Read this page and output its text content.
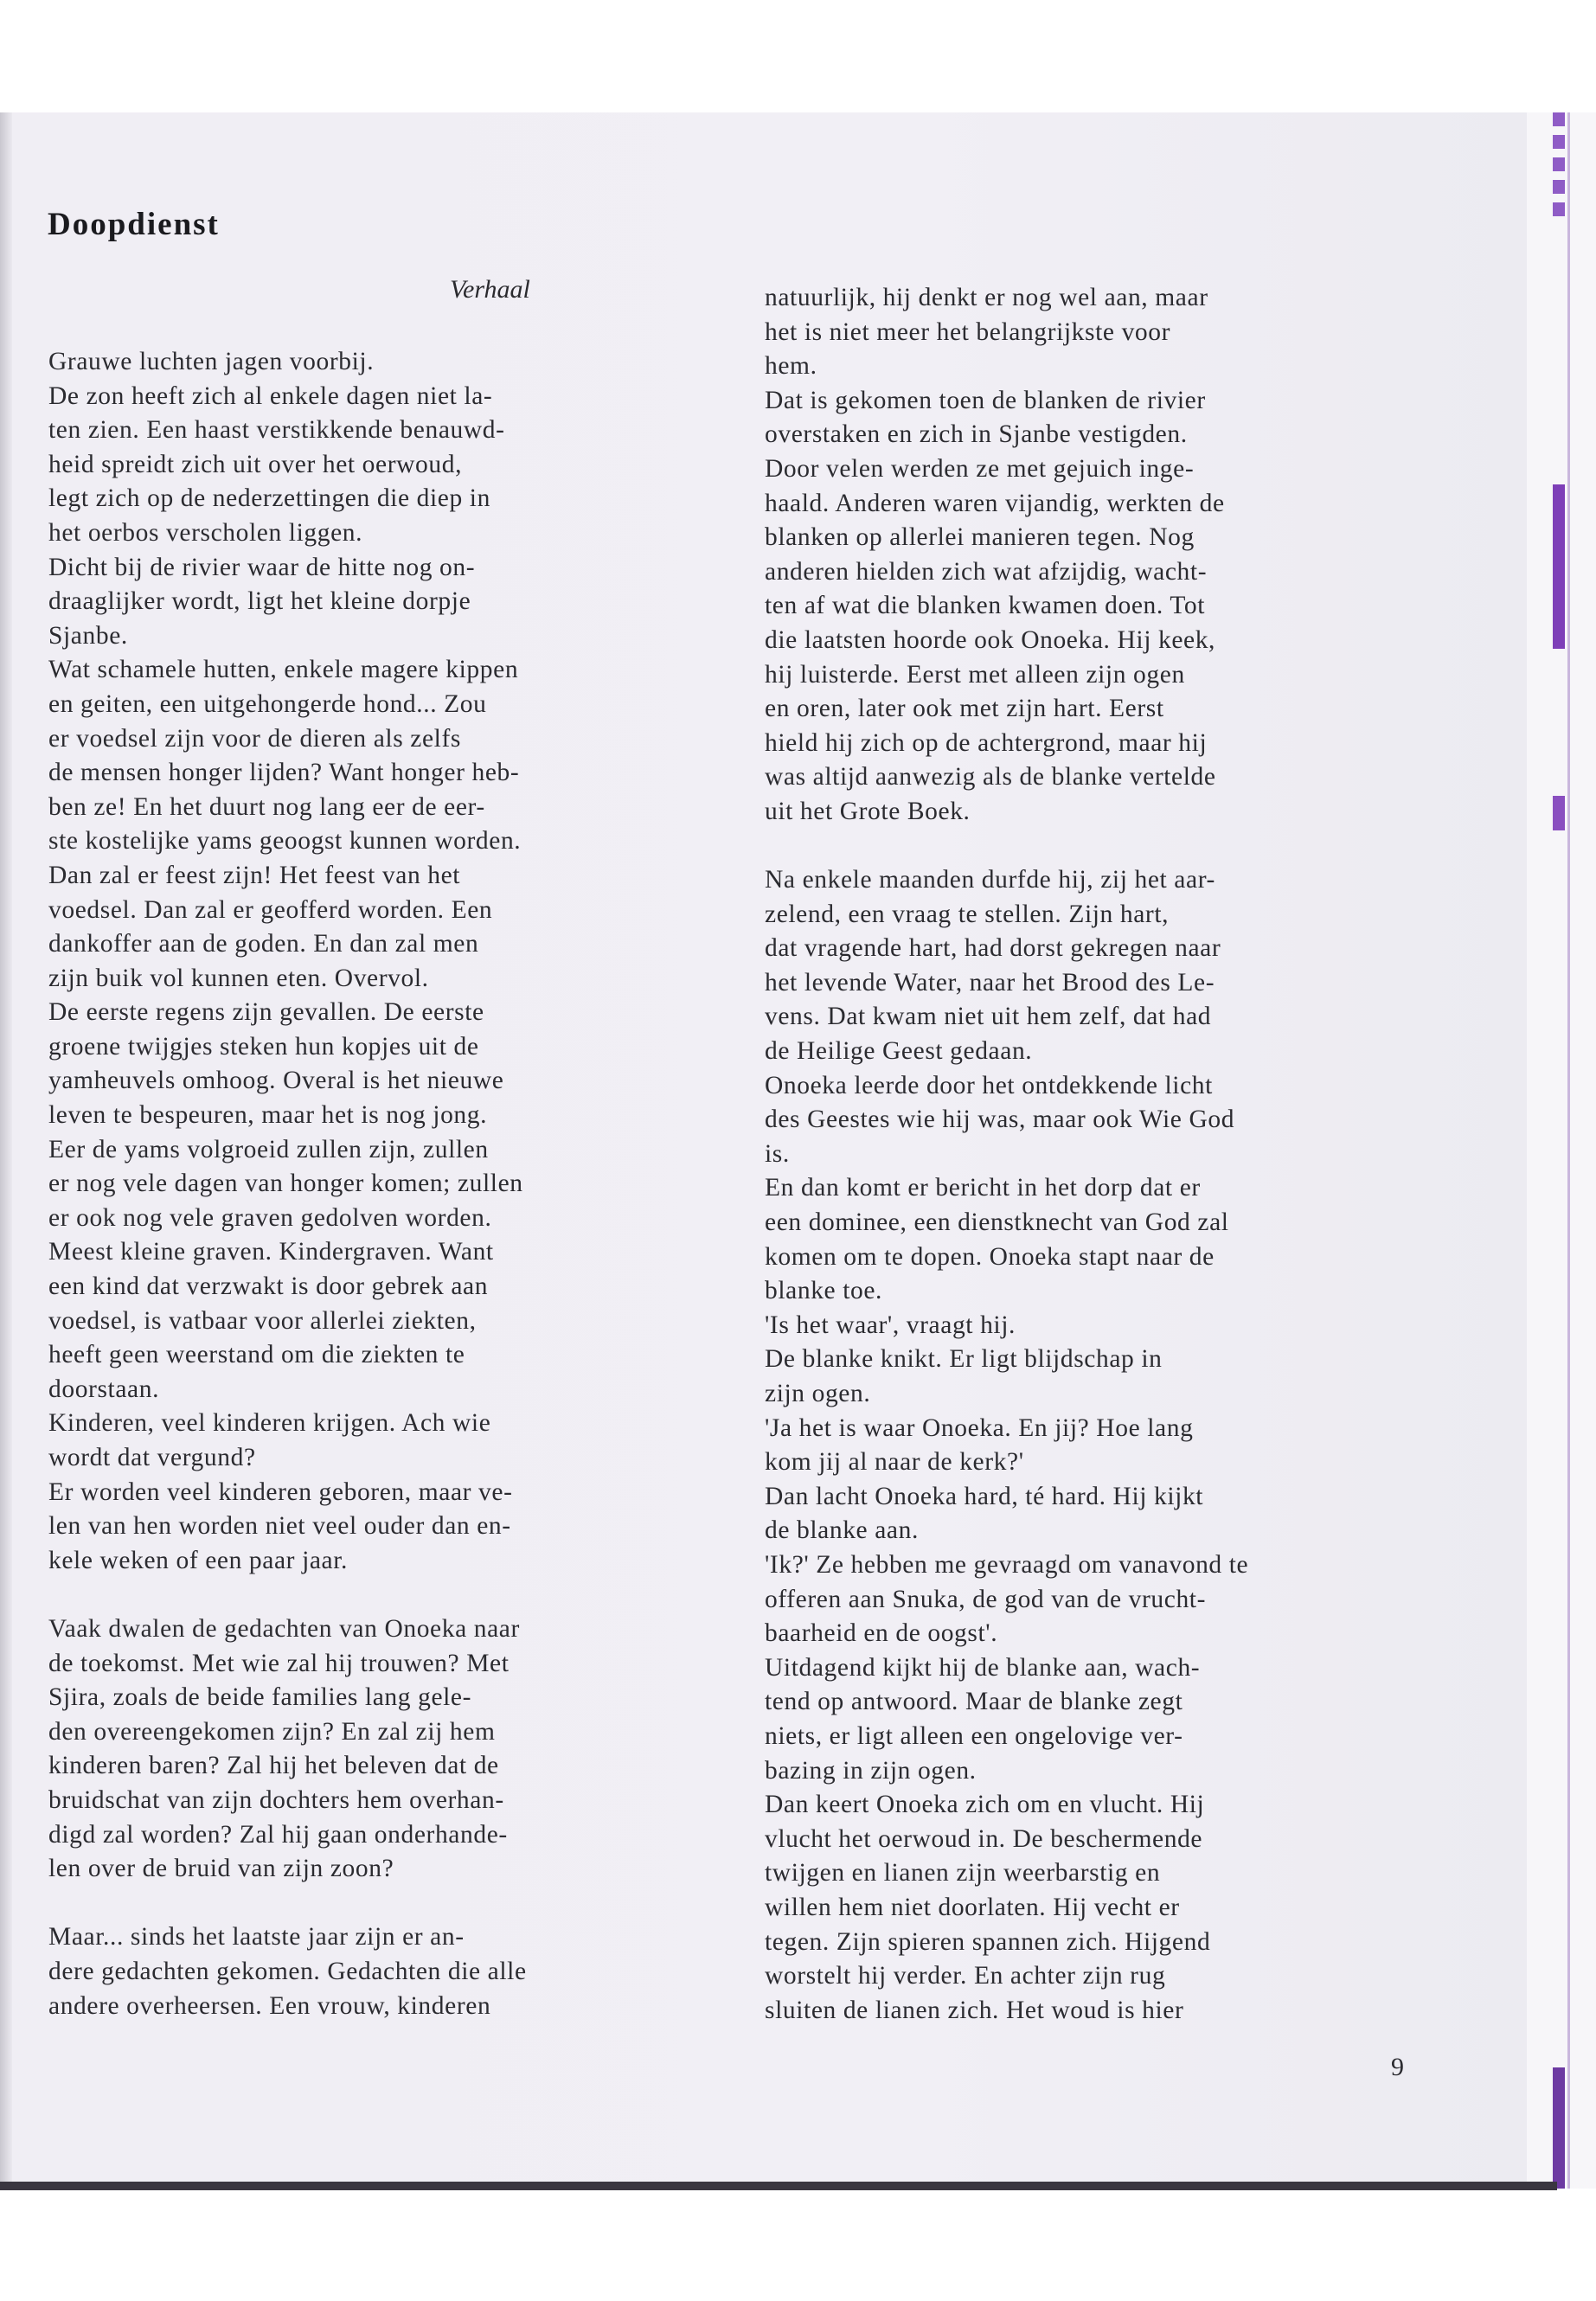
Doopdienst
Verhaal
Grauwe luchten jagen voorbij.
De zon heeft zich al enkele dagen niet la-
ten zien. Een haast verstikkende benauwd-
heid spreidt zich uit over het oerwoud,
legt zich op de nederzettingen die diep in
het oerbos verscholen liggen.
Dicht bij de rivier waar de hitte nog on-
draaglijker wordt, ligt het kleine dorpje
Sjanbe.
Wat schamele hutten, enkele magere kippen
en geiten, een uitgehongerde hond... Zou
er voedsel zijn voor de dieren als zelfs
de mensen honger lijden? Want honger heb-
ben ze! En het duurt nog lang eer de eer-
ste kostelijke yams geoogst kunnen worden.
Dan zal er feest zijn! Het feest van het
voedsel. Dan zal er geofferd worden. Een
dankoffer aan de goden. En dan zal men
zijn buik vol kunnen eten. Overvol.
De eerste regens zijn gevallen. De eerste
groene twijgjes steken hun kopjes uit de
yamheuvels omhoog. Overal is het nieuwe
leven te bespeuren, maar het is nog jong.
Eer de yams volgroeid zullen zijn, zullen
er nog vele dagen van honger komen; zullen
er ook nog vele graven gedolven worden.
Meest kleine graven. Kindergraven. Want
een kind dat verzwakt is door gebrek aan
voedsel, is vatbaar voor allerlei ziekten,
heeft geen weerstand om die ziekten te
doorstaan.
Kinderen, veel kinderen krijgen. Ach wie
wordt dat vergund?
Er worden veel kinderen geboren, maar ve-
len van hen worden niet veel ouder dan en-
kele weken of een paar jaar.
Vaak dwalen de gedachten van Onoeka naar
de toekomst. Met wie zal hij trouwen? Met
Sjira, zoals de beide families lang gele-
den overeengekomen zijn? En zal zij hem
kinderen baren? Zal hij het beleven dat de
bruidschat van zijn dochters hem overhan-
digd zal worden? Zal hij gaan onderhande-
len over de bruid van zijn zoon?
Maar... sinds het laatste jaar zijn er an-
dere gedachten gekomen. Gedachten die alle
andere overheersen. Een vrouw, kinderen
natuurlijk, hij denkt er nog wel aan, maar
het is niet meer het belangrijkste voor
hem.
Dat is gekomen toen de blanken de rivier
overstaken en zich in Sjanbe vestigden.
Door velen werden ze met gejuich inge-
haald. Anderen waren vijandig, werkten de
blanken op allerlei manieren tegen. Nog
anderen hielden zich wat afzijdig, wacht-
ten af wat die blanken kwamen doen. Tot
die laatsten hoorde ook Onoeka. Hij keek,
hij luisterde. Eerst met alleen zijn ogen
en oren, later ook met zijn hart. Eerst
hield hij zich op de achtergrond, maar hij
was altijd aanwezig als de blanke vertelde
uit het Grote Boek.
Na enkele maanden durfde hij, zij het aar-
zelend, een vraag te stellen. Zijn hart,
dat vragende hart, had dorst gekregen naar
het levende Water, naar het Brood des Le-
vens. Dat kwam niet uit hem zelf, dat had
de Heilige Geest gedaan.
Onoeka leerde door het ontdekkende licht
des Geestes wie hij was, maar ook Wie God
is.
En dan komt er bericht in het dorp dat er
een dominee, een dienstknecht van God zal
komen om te dopen. Onoeka stapt naar de
blanke toe.
'Is het waar', vraagt hij.
De blanke knikt. Er ligt blijdschap in
zijn ogen.
'Ja het is waar Onoeka. En jij? Hoe lang
kom jij al naar de kerk?'
Dan lacht Onoeka hard, té hard. Hij kijkt
de blanke aan.
'Ik?' Ze hebben me gevraagd om vanavond te
offeren aan Snuka, de god van de vrucht-
baarheid en de oogst'.
Uitdagend kijkt hij de blanke aan, wach-
tend op antwoord. Maar de blanke zegt
niets, er ligt alleen een ongelovige ver-
bazing in zijn ogen.
Dan keert Onoeka zich om en vlucht. Hij
vlucht het oerwoud in. De beschermende
twijgen en lianen zijn weerbarstig en
willen hem niet doorlaten. Hij vecht er
tegen. Zijn spieren spannen zich. Hijgend
worstelt hij verder. En achter zijn rug
sluiten de lianen zich. Het woud is hier
9
